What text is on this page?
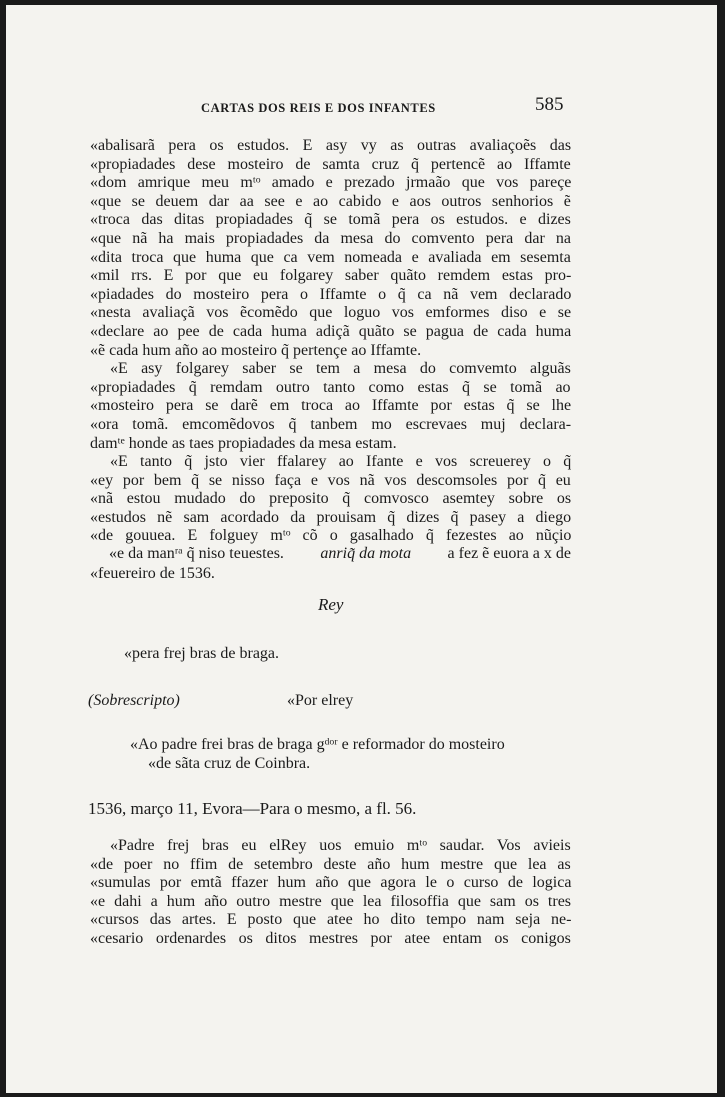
CARTAS DOS REIS E DOS INFANTES	585
«abalisarã pera os estudos. E asy vy as outras avaliaçoẽs das
«propiadades dese mosteiro de samta cruz q̃ pertencẽ ao Iffamte
«dom amrique meu mᵗᵒ amado e prezado jrmaão que vos pareçe
«que se deuem dar aa see e ao cabido e aos outros senhorios ẽ
«troca das ditas propiadades q̃ se tomã pera os estudos. e dizes
«que nã ha mais propiadades da mesa do comvento pera dar na
«dita troca que huma que ca vem nomeada e avaliada em sesemta
«mil rrs. E por que eu folgarey saber quãto remdem estas pro-
«piadades do mosteiro pera o Iffamte o q̃ ca nã vem declarado
«nesta avaliaçã vos ẽcomẽdo que loguo vos emformes diso e se
«declare ao pee de cada huma adiçã quãto se pagua de cada huma
«ẽ cada hum año ao mosteiro q̃ pertençe ao Iffamte.
«E asy folgarey saber se tem a mesa do comvemto alguãs
«propiadades q̃ remdam outro tanto como estas q̃ se tomã ao
«mosteiro pera se darẽ em troca ao Iffamte por estas q̃ se lhe
«ora tomã. emcomẽdovos q̃ tanbem mo escrevaes muj declara-
damᵗᵉ honde as taes propiadades da mesa estam.
«E tanto q̃ jsto vier ffalarey ao Ifante e vos screuerey o q̃
«ey por bem q̃ se nisso faça e vos nã vos descomsoles por q̃ eu
«nã estou mudado do preposito q̃ comvosco asemtey sobre os
«estudos nẽ sam acordado da prouisam q̃ dizes q̃ pasey a diego
«de gouuea. E folguey mᵗᵒ cõ o gasalhado q̃ fezestes ao nũçio
«e da manʳᵃ q̃ niso teuestes. anriq̃ da mota a fez ẽ euora a x de
«feuereiro de 1536.
Rey
«pera frej bras de braga.
(Sobrescripto)	«Por elrey
«Ao padre frei bras de braga gᵈᵒʳ e reformador do mosteiro
«de sãta cruz de Coinbra.
1536, março 11, Evora—Para o mesmo, a fl. 56.
«Padre frej bras eu elRey uos emuio mᵗᵒ saudar. Vos avieis
«de poer no ffim de setembro deste año hum mestre que lea as
«sumulas por emtã ffazer hum año que agora le o curso de logica
«e dahi a hum año outro mestre que lea filosoffia que sam os tres
«cursos das artes. E posto que atee ho dito tempo nam seja ne-
«cesario ordenardes os ditos mestres por atee entam os conigos
